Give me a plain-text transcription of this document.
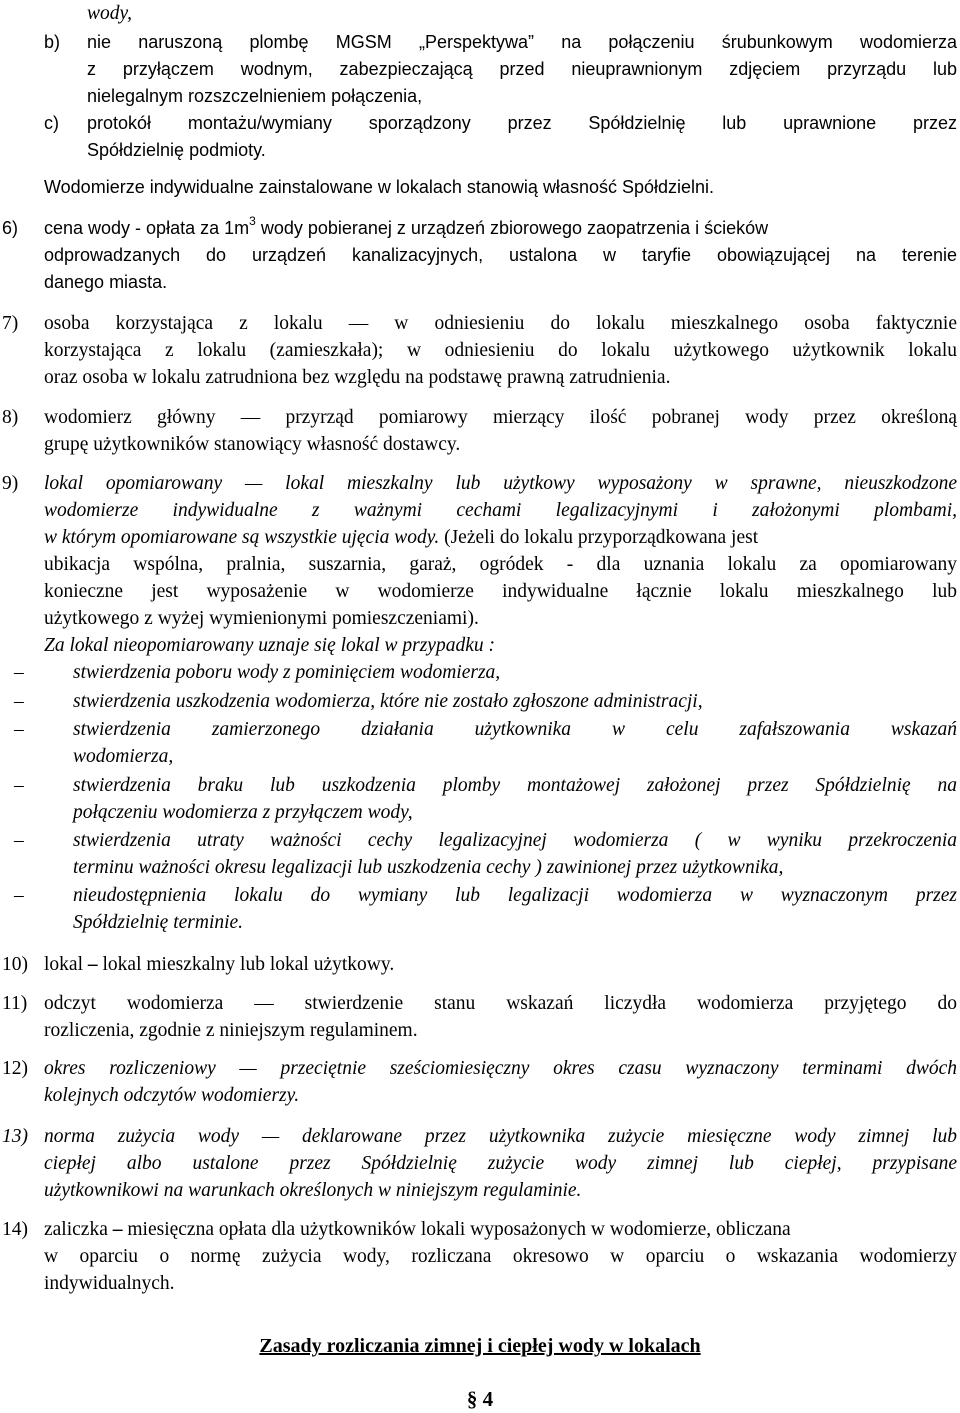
wody,
b) nie naruszoną plombę MGSM „Perspektywa” na połączeniu śrubunkowym wodomierza
z przyłączem wodnym, zabezpieczającą przed nieuprawnionym zdjęciem przyrządu lub
nielegalnym rozszczelnieniem połączenia,
c) protokół montażu/wymiany sporządzony przez Spółdzielnię lub uprawnione przez
Spółdzielnię podmioty.
Wodomierze indywidualne zainstalowane w lokalach stanowią własność Spółdzielni.
6) cena wody - opłata za $1m^3$ wody pobieranej z urządzeń zbiorowego zaopatrzenia i ścieków
odprowadzanych do urządzeń kanalizacyjnych, ustalona w taryfie obowiązującej na terenie
danego miasta.
7) osoba korzystająca z lokalu — w odniesieniu do lokalu mieszkalnego osoba faktycznie
korzystająca z lokalu (zamieszkała); w odniesieniu do lokalu użytkowego użytkownik lokalu
oraz osoba w lokalu zatrudniona bez względu na podstawę prawną zatrudnienia.
8) wodomierz główny — przyrząd pomiarowy mierzący ilość pobranej wody przez określoną
grupę użytkowników stanowiący własność dostawcy.
9) lokal opomiarowany — lokal mieszkalny lub użytkowy wyposażony w sprawne, nieuszkodzone
wodomierze indywidualne z ważnymi cechami legalizacyjnymi i założonymi plombami,
w którym opomiarowane są wszystkie ujęcia wody. (Jeżeli do lokalu przyporządkowana jest
ubikacja wspólna, pralnia, suszarnia, garaż, ogródek - dla uznania lokalu za opomiarowany
konieczne jest wyposażenie w wodomierze indywidualne łącznie lokalu mieszkalnego lub
użytkowego z wyżej wymienionymi pomieszczeniami).
Za lokal nieopomiarowany uznaje się lokal w przypadku :
–	stwierdzenia poboru wody z pominięciem wodomierza,
–	stwierdzenia uszkodzenia wodomierza, które nie zostało zgłoszone administracji,
–	stwierdzenia zamierzonego działania użytkownika w celu zafałszowania wskazań
wodomierza,
–	stwierdzenia braku lub uszkodzenia plomby montażowej założonej przez Spółdzielnię na
połączeniu wodomierza z przyłączem wody,
–	stwierdzenia utraty ważności cechy legalizacyjnej wodomierza ( w wyniku przekroczenia
terminu ważności okresu legalizacji lub uszkodzenia cechy ) zawinionej przez użytkownika,
–	nieudostępnienia lokalu do wymiany lub legalizacji wodomierza w wyznaczonym przez
Spółdzielnię terminie.
10) lokal – lokal mieszkalny lub lokal użytkowy.
11) odczyt wodomierza — stwierdzenie stanu wskazań liczydła wodomierza przyjętego do
rozliczenia, zgodnie z niniejszym regulaminem.
12) okres rozliczeniowy — przeciętnie sześciomiesięczny okres czasu wyznaczony terminami dwóch
kolejnych odczytów wodomierzy.
13) norma zużycia wody — deklarowane przez użytkownika zużycie miesięczne wody zimnej lub
ciepłej albo ustalone przez Spółdzielnię zużycie wody zimnej lub ciepłej, przypisane
użytkownikowi na warunkach określonych w niniejszym regulaminie.
14) zaliczka – miesięczna opłata dla użytkowników lokali wyposażonych w wodomierze, obliczana
w oparciu o normę zużycia wody, rozliczana okresowo w oparciu o wskazania wodomierzy
indywidualnych.
Zasady rozliczania zimnej i ciepłej wody w lokalach
§ 4
